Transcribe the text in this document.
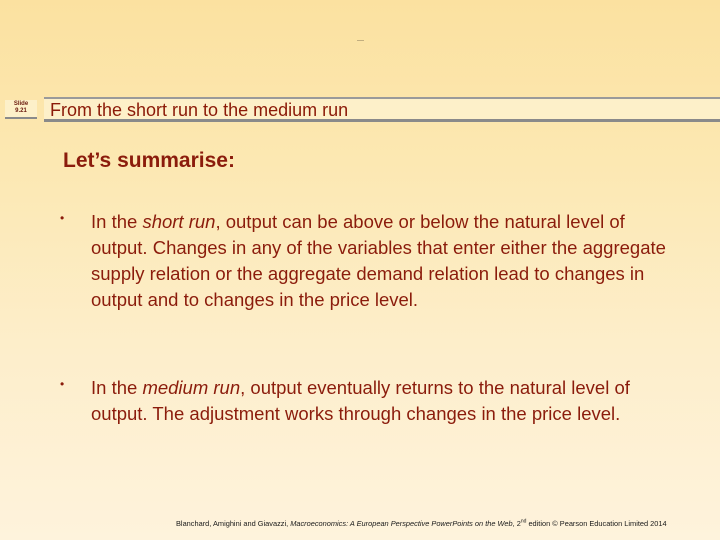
—
Slide
9.21	From the short run to the medium run
Let’s summarise:
• In the short run, output can be above or below the natural level of output. Changes in any of the variables that enter either the aggregate supply relation or the aggregate demand relation lead to changes in output and to changes in the price level.
• In the medium run, output eventually returns to the natural level of output. The adjustment works through changes in the price level.
Blanchard, Amighini and Giavazzi, Macroeconomics: A European Perspective PowerPoints on the Web, 2nd edition © Pearson Education Limited 2014
